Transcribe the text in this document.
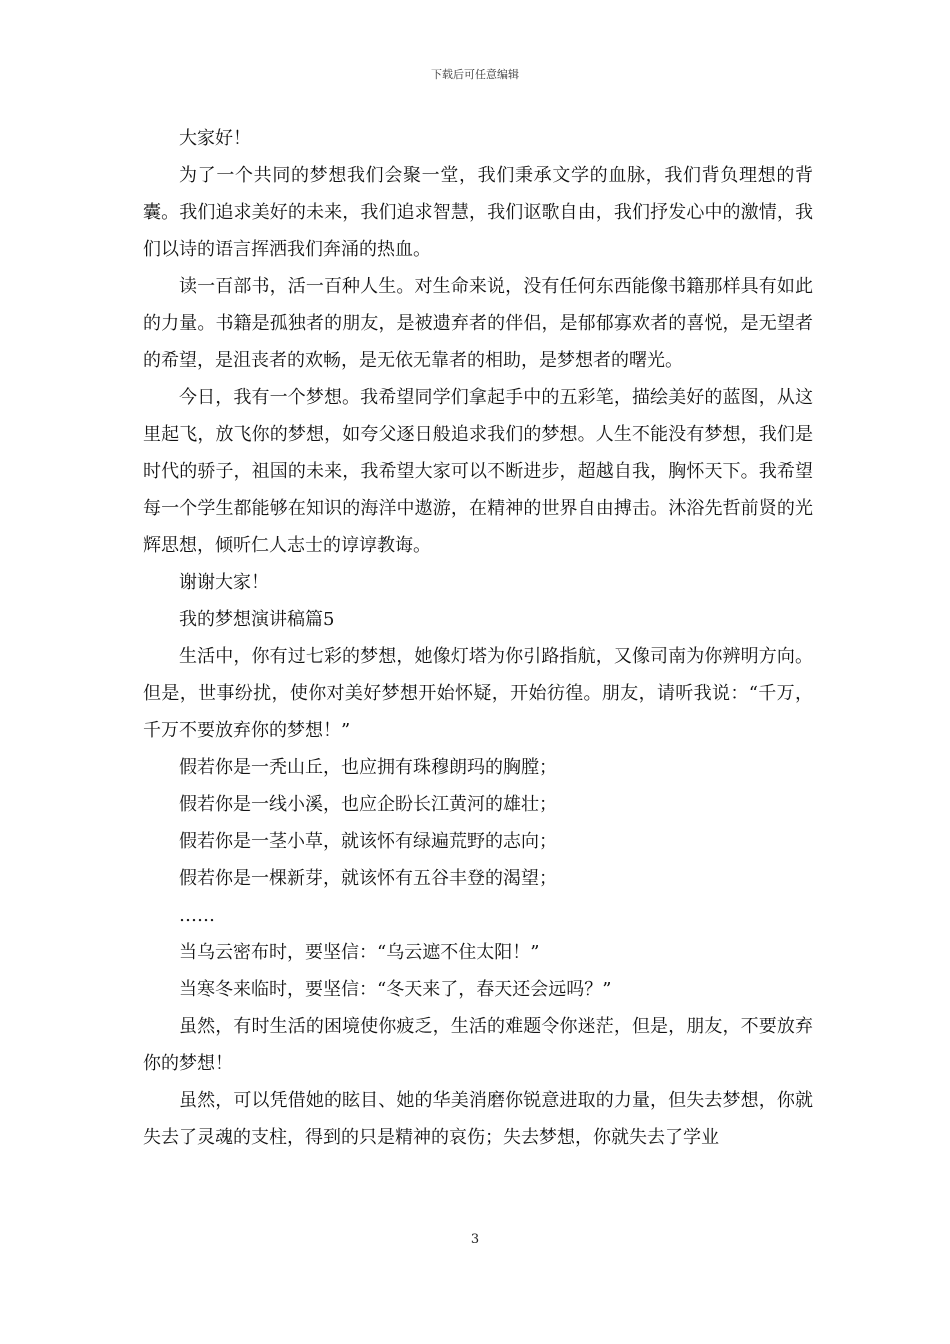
下载后可任意编辑

大家好！

为了一个共同的梦想我们会聚一堂，我们秉承文学的血脉，我们背负理想的背囊。我们追求美好的未来，我们追求智慧，我们讴歌自由，我们抒发心中的激情，我们以诗的语言挥洒我们奔涌的热血。

读一百部书，活一百种人生。对生命来说，没有任何东西能像书籍那样具有如此的力量。书籍是孤独者的朋友，是被遗弃者的伴侣，是郁郁寡欢者的喜悦，是无望者的希望，是沮丧者的欢畅，是无依无靠者的相助，是梦想者的曙光。

今日，我有一个梦想。我希望同学们拿起手中的五彩笔，描绘美好的蓝图，从这里起飞，放飞你的梦想，如夸父逐日般追求我们的梦想。人生不能没有梦想，我们是时代的骄子，祖国的未来，我希望大家可以不断进步，超越自我，胸怀天下。我希望每一个学生都能够在知识的海洋中遨游，在精神的世界自由搏击。沐浴先哲前贤的光辉思想，倾听仁人志士的谆谆教诲。

谢谢大家！

我的梦想演讲稿篇5

生活中，你有过七彩的梦想，她像灯塔为你引路指航，又像司南为你辨明方向。但是，世事纷扰，使你对美好梦想开始怀疑，开始彷徨。朋友，请听我说：“千万，千万不要放弃你的梦想！”

假若你是一秃山丘，也应拥有珠穆朗玛的胸膛；

假若你是一线小溪，也应企盼长江黄河的雄壮；

假若你是一茎小草，就该怀有绿遍荒野的志向；

假若你是一棵新芽，就该怀有五谷丰登的渴望；

……

当乌云密布时，要坚信：“乌云遮不住太阳！”

当寒冬来临时，要坚信：“冬天来了，春天还会远吗？”

虽然，有时生活的困境使你疲乏，生活的难题令你迷茫，但是，朋友，不要放弃你的梦想！

虽然，可以凭借她的眩目、她的华美消磨你锐意进取的力量，但失去梦想，你就失去了灵魂的支柱，得到的只是精神的哀伤；失去梦想，你就失去了学业

3
